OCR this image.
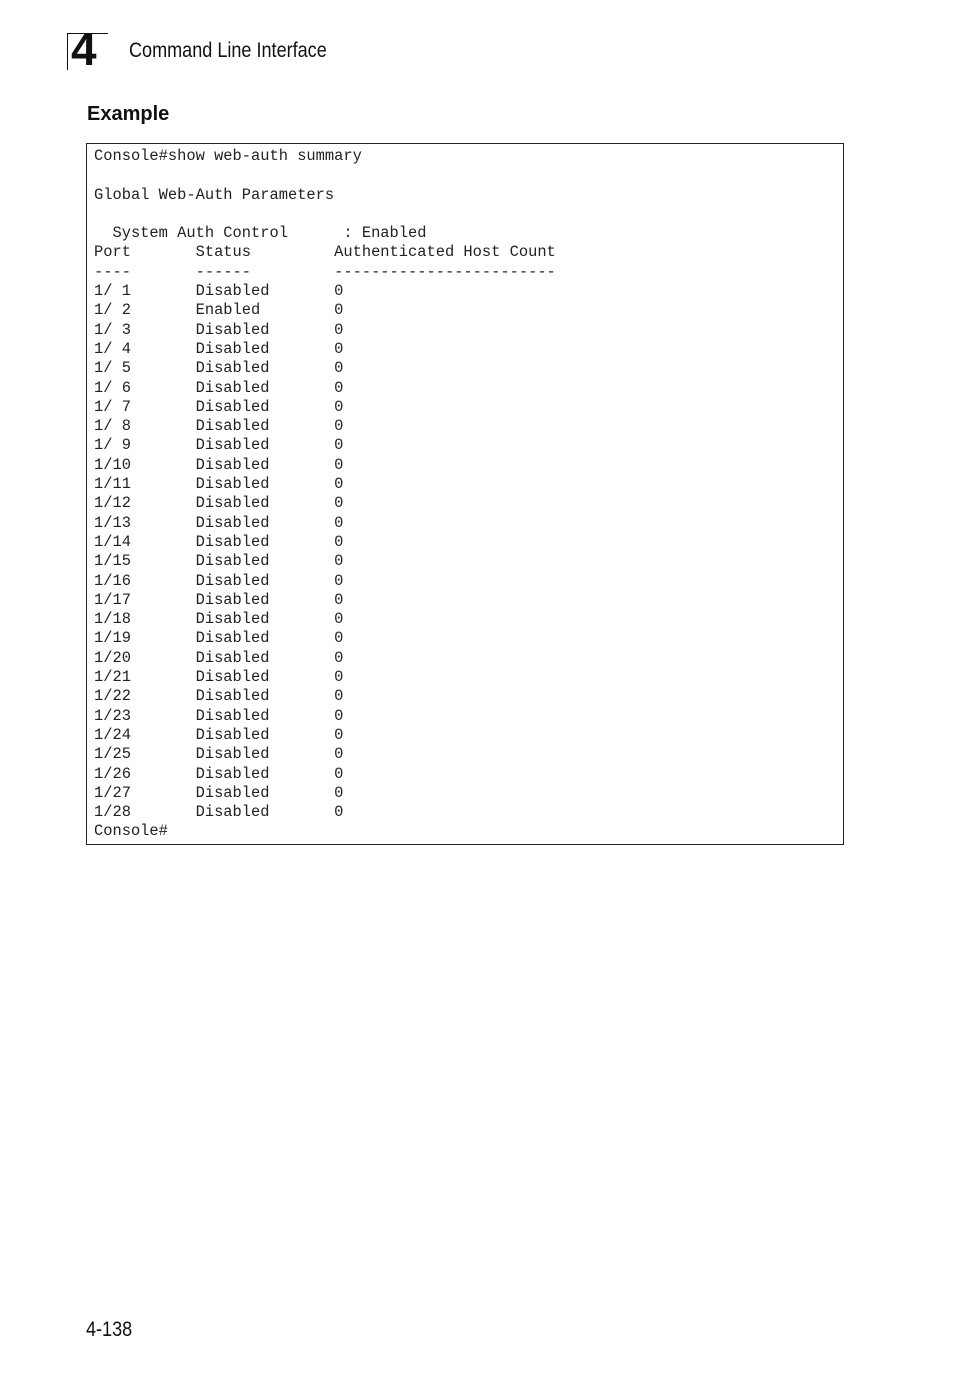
4 Command Line Interface
Example
Console#show web-auth summary
Global Web-Auth Parameters
System Auth Control      : Enabled
Port       Status         Authenticated Host Count
----       ------         ------------------------
1/ 1       Disabled       0
1/ 2       Enabled        0
1/ 3       Disabled       0
1/ 4       Disabled       0
1/ 5       Disabled       0
1/ 6       Disabled       0
1/ 7       Disabled       0
1/ 8       Disabled       0
1/ 9       Disabled       0
1/10       Disabled       0
1/11       Disabled       0
1/12       Disabled       0
1/13       Disabled       0
1/14       Disabled       0
1/15       Disabled       0
1/16       Disabled       0
1/17       Disabled       0
1/18       Disabled       0
1/19       Disabled       0
1/20       Disabled       0
1/21       Disabled       0
1/22       Disabled       0
1/23       Disabled       0
1/24       Disabled       0
1/25       Disabled       0
1/26       Disabled       0
1/27       Disabled       0
1/28       Disabled       0
Console#
4-138
